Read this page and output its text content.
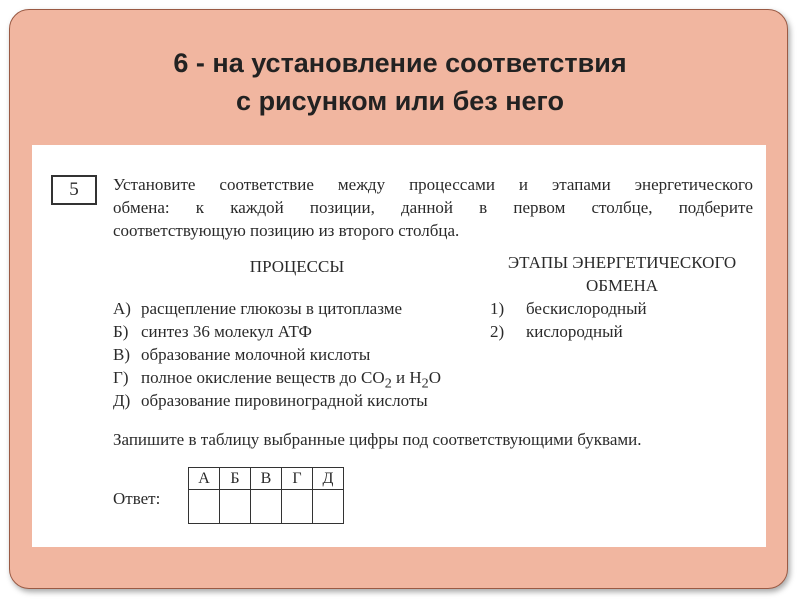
6 - на установление соответствия
с рисунком или без него
5	Установите соответствие между процессами и этапами энергетического
обмена: к каждой позиции, данной в первом столбце, подберите
соответствующую позицию из второго столбца.
ПРОЦЕССЫ	ЭТАПЫ ЭНЕРГЕТИЧЕСКОГО
ОБМЕНА
А) расщепление глюкозы в цитоплазме
Б) синтез 36 молекул АТФ
В) образование молочной кислоты
Г) полное окисление веществ до $СО_2$ и $Н_2О$
Д) образование пировиноградной кислоты
1) бескислородный
2) кислородный
Запишите в таблицу выбранные цифры под соответствующими буквами.
Ответ:
А	Б	В	Г	Д
